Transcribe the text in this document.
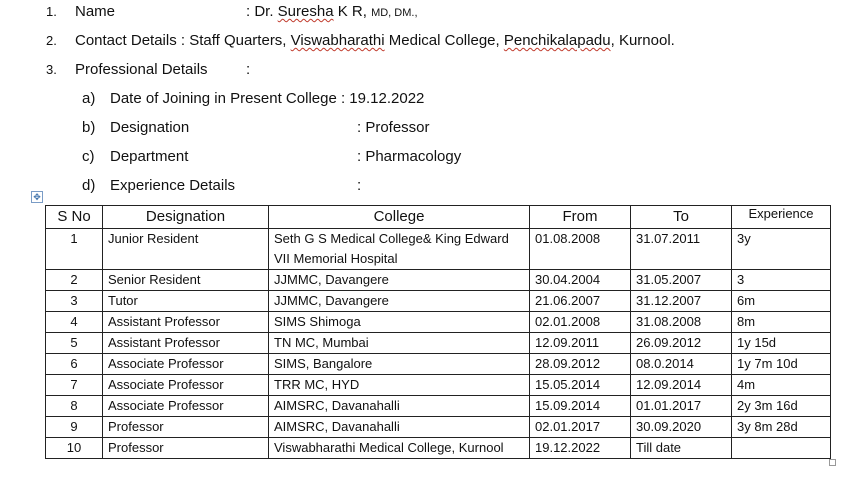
1. Name	: Dr. Suresha K R, MD, DM.,
2. Contact Details : Staff Quarters, Viswabharathi Medical College, Penchikalapadu, Kurnool.
3. Professional Details	:
a) Date of Joining in Present College : 19.12.2022
b) Designation	: Professor
c) Department	: Pharmacology
d) Experience Details	:
✥
S No	Designation	College	From	To	Experience
1	Junior Resident	Seth G S Medical College& King Edward VII Memorial Hospital	01.08.2008	31.07.2011	3y
2	Senior Resident	JJMMC, Davangere	30.04.2004	31.05.2007	3
3	Tutor	JJMMC, Davangere	21.06.2007	31.12.2007	6m
4	Assistant Professor	SIMS Shimoga	02.01.2008	31.08.2008	8m
5	Assistant Professor	TN MC, Mumbai	12.09.2011	26.09.2012	1y 15d
6	Associate Professor	SIMS, Bangalore	28.09.2012	08.0.2014	1y 7m 10d
7	Associate Professor	TRR MC, HYD	15.05.2014	12.09.2014	4m
8	Associate Professor	AIMSRC, Davanahalli	15.09.2014	01.01.2017	2y 3m 16d
9	Professor	AIMSRC, Davanahalli	02.01.2017	30.09.2020	3y 8m 28d
10	Professor	Viswabharathi Medical College, Kurnool	19.12.2022	Till date	
